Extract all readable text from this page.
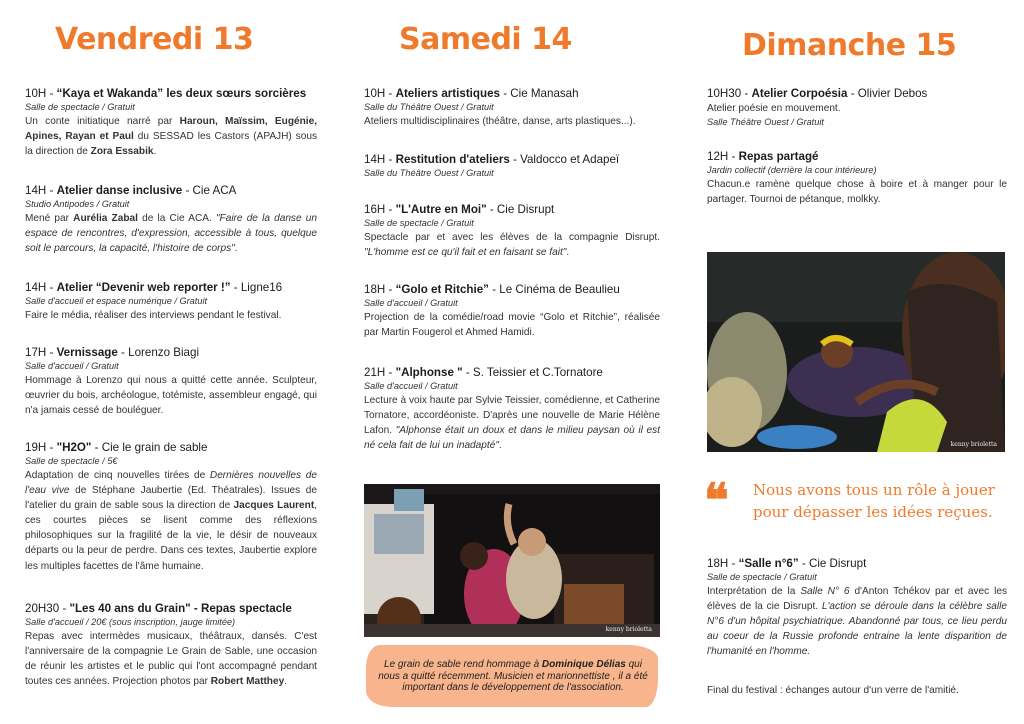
Vendredi 13	Samedi 14	Dimanche 15
10H - “Kaya et Wakanda” les deux sœurs sorcières
Salle de spectacle / Gratuit
Un conte initiatique narré par Haroun, Maïssim, Eugénie, Apines, Rayan et Paul du SESSAD les Castors (APAJH) sous la direction de Zora Essabik.
14H - Atelier danse inclusive - Cie ACA
Studio Antipodes / Gratuit
Mené par Aurélia Zabal de la Cie ACA. "Faire de la danse un espace de rencontres, d'expression, accessible à tous, quelque soit le parcours, la capacité, l'histoire de corps".
14H - Atelier “Devenir web reporter !” - Ligne16
Salle d'accueil et espace numérique / Gratuit
Faire le média, réaliser des interviews pendant le festival.
17H - Vernissage - Lorenzo Biagi
Salle d'accueil / Gratuit
Hommage à Lorenzo qui nous a quitté cette année. Sculpteur, œuvrier du bois, archéologue, totémiste, assembleur engagé, qui n'a jamais cessé de bouléguer.
19H - "H2O" - Cie le grain de sable
Salle de spectacle / 5€
Adaptation de cinq nouvelles tirées de Dernières nouvelles de l'eau vive de Stéphane Jaubertie (Ed. Théatrales). Issues de l'atelier du grain de sable sous la direction de Jacques Laurent, ces courtes pièces se lisent comme des réflexions philosophiques sur la fragilité de la vie, le désir de nouveaux départs ou la peur de perdre. Dans ces textes, Jaubertie explore les multiples facettes de l'âme humaine.
20H30 - "Les 40 ans du Grain" - Repas spectacle
Salle d'accueil / 20€ (sous inscription, jauge limitée)
Repas avec intermèdes musicaux, théâtraux, dansés. C'est l'anniversaire de la compagnie Le Grain de Sable, une occasion de réunir les artistes et le public qui l'ont accompagné pendant toutes ces années. Projection photos par Robert Matthey.
10H - Ateliers artistiques - Cie Manasah
Salle du Théâtre Ouest / Gratuit
Ateliers multidisciplinaires (théâtre, danse, arts plastiques...).
14H - Restitution d'ateliers - Valdocco et Adapeï
Salle du Théâtre Ouest / Gratuit
16H - "L'Autre en Moi" - Cie Disrupt
Salle de spectacle / Gratuit
Spectacle par et avec les élèves de la compagnie Disrupt. "L'homme est ce qu'il fait et en faisant se fait".
18H - “Golo et Ritchie” - Le Cinéma de Beaulieu
Salle d'accueil / Gratuit
Projection de la comédie/road movie “Golo et Ritchie”, réalisée par Martin Fougerol et Ahmed Hamidi.
21H - "Alphonse " - S. Teissier et C.Tornatore
Salle d'accueil / Gratuit
Lecture à voix haute par Sylvie Teissier, comédienne, et Catherine Tornatore, accordéoniste. D'après une nouvelle de Marie Hélène Lafon. "Alphonse était un doux et dans le milieu paysan où il est né cela fait de lui un inadapté".
10H30 - Atelier Corpoésia - Olivier Debos
Atelier poésie en mouvement.
Salle Théâtre Ouest / Gratuit
12H - Repas partagé
Jardin collectif (derrière la cour intérieure)
Chacun.e ramène quelque chose à boire et à manger pour le partager. Tournoi de pétanque, molkky.
18H - “Salle n°6” - Cie Disrupt
Salle de spectacle / Gratuit
Interprétation de la Salle N° 6 d'Anton Tchékov par et avec les élèves de la cie Disrupt. L'action se déroule dans la célèbre salle N°6 d'un hôpital psychiatrique. Abandonné par tous, ce lieu perdu au coeur de la Russie profonde entraine la lente disparition de l'humanité en l'homme.
kenny brioletta
Le grain de sable rend hommage à Dominique Délias qui nous a quitté récemment. Musicien et marionnettiste , il a été important dans le développement de l'association.
kenny brioletta
❝ Nous avons tous un rôle à jouer pour dépasser les idées reçues.
Final du festival : échanges autour d'un verre de l'amitié.
